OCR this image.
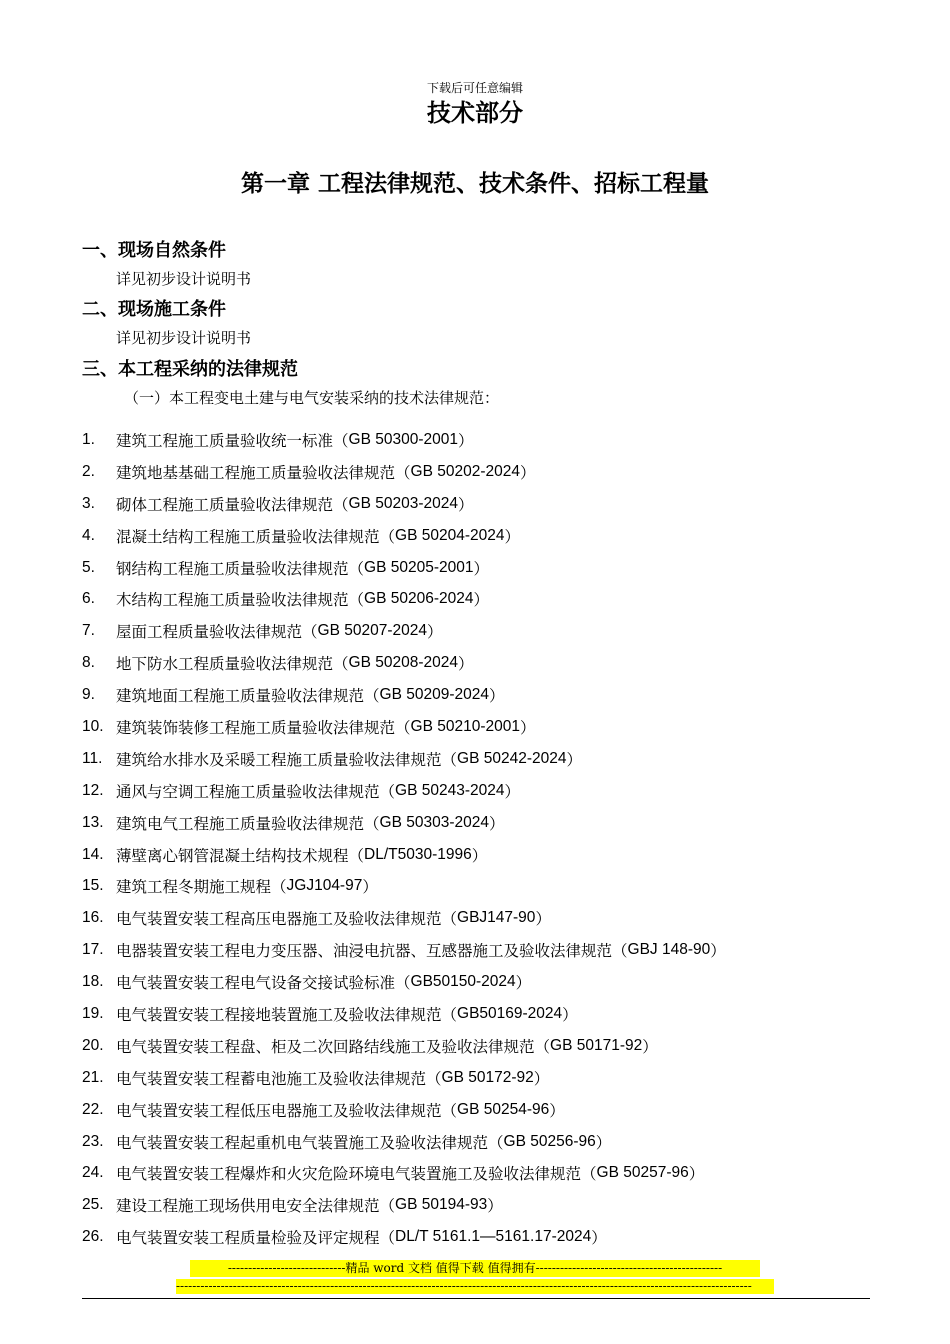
下载后可任意编辑
技术部分
第一章 工程法律规范、技术条件、招标工程量
一、现场自然条件
详见初步设计说明书
二、现场施工条件
详见初步设计说明书
三、本工程采纳的法律规范
（一）本工程变电土建与电气安装采纳的技术法律规范：
1.	建筑工程施工质量验收统一标准（ GB 50300-2001 ）
2.	建筑地基基础工程施工质量验收法律规范（ GB 50202-2024 ）
3.	砌体工程施工质量验收法律规范（ GB 50203-2024 ）
4.	混凝土结构工程施工质量验收法律规范（ GB 50204-2024 ）
5.	钢结构工程施工质量验收法律规范（ GB 50205-2001 ）
6.	木结构工程施工质量验收法律规范（ GB 50206-2024 ）
7.	屋面工程质量验收法律规范（ GB 50207-2024 ）
8.	地下防水工程质量验收法律规范（ GB 50208-2024 ）
9.	建筑地面工程施工质量验收法律规范（ GB 50209-2024 ）
10. 建筑装饰装修工程施工质量验收法律规范（ GB 50210-2001 ）
11. 建筑给水排水及采暖工程施工质量验收法律规范（ GB 50242-2024 ）
12. 通风与空调工程施工质量验收法律规范（ GB 50243-2024 ）
13. 建筑电气工程施工质量验收法律规范（ GB 50303-2024 ）
14. 薄壁离心钢管混凝土结构技术规程（ DL/T5030-1996 ）
15. 建筑工程冬期施工规程（ JGJ104-97 ）
16. 电气装置安装工程高压电器施工及验收法律规范（ GBJ147-90 ）
17. 电器装置安装工程电力变压器、油浸电抗器、互感器施工及验收法律规范（ GBJ 148-90 ）
18. 电气装置安装工程电气设备交接试验标准（ GB50150-2024 ）
19. 电气装置安装工程接地装置施工及验收法律规范（ GB50169-2024 ）
20. 电气装置安装工程盘、柜及二次回路结线施工及验收法律规范（ GB 50171-92 ）
21. 电气装置安装工程蓄电池施工及验收法律规范（ GB 50172-92 ）
22. 电气装置安装工程低压电器施工及验收法律规范（ GB 50254-96 ）
23. 电气装置安装工程起重机电气装置施工及验收法律规范（ GB 50256-96 ）
24. 电气装置安装工程爆炸和火灾危险环境电气装置施工及验收法律规范（ GB 50257-96 ）
25. 建设工程施工现场供用电安全法律规范（ GB 50194-93 ）
26. 电气装置安装工程质量检验及评定规程（ DL/T 5161.1—5161.17-2024 ）
-----------------------------精品 word 文档 值得下载 值得拥有----------------------------------------------
----------------------------------------------------------------------------------------------------------------------------------------------
